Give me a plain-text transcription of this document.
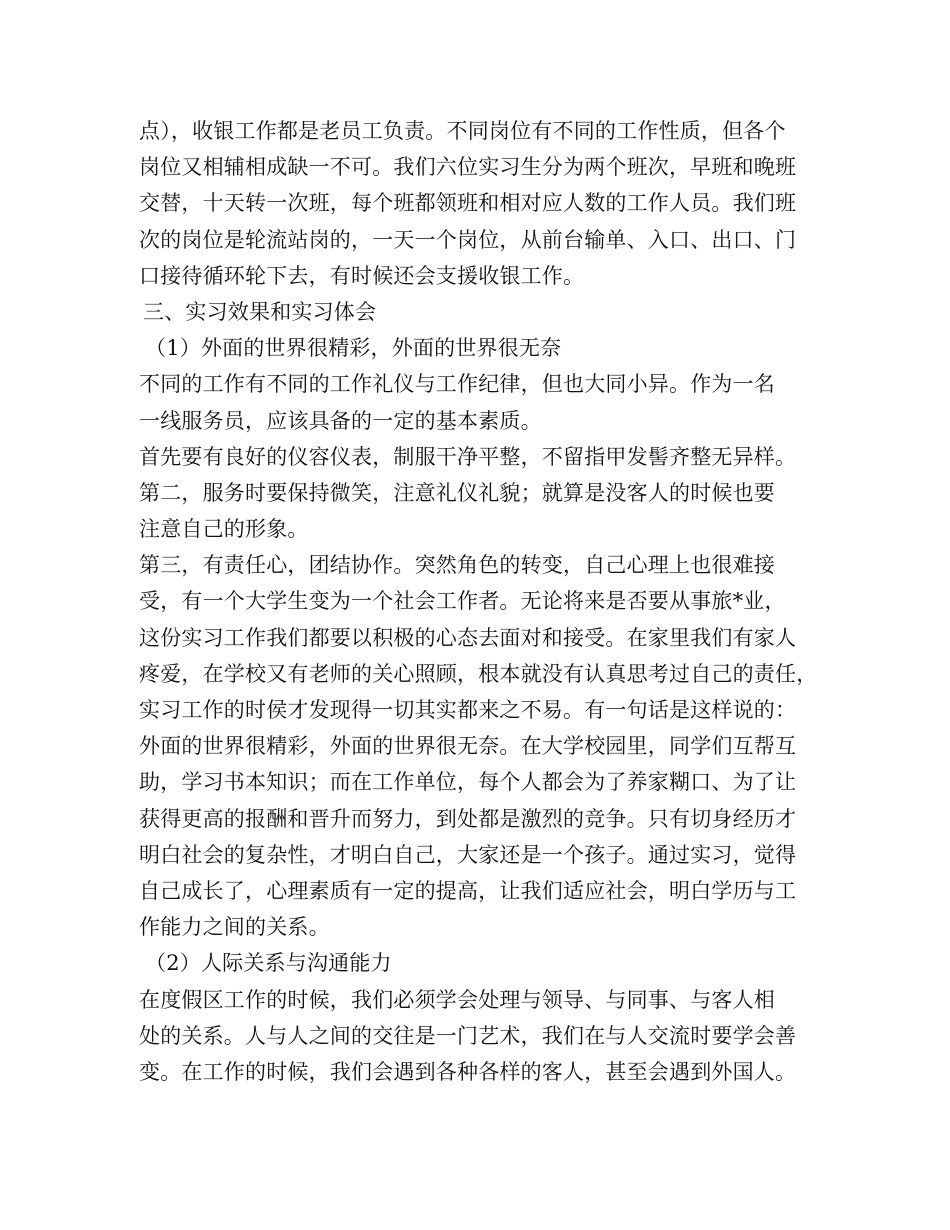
点），收银工作都是老员工负责。不同岗位有不同的工作性质，但各个
岗位又相辅相成缺一不可。我们六位实习生分为两个班次，早班和晚班
交替，十天转一次班，每个班都领班和相对应人数的工作人员。我们班
次的岗位是轮流站岗的，一天一个岗位，从前台输单、入口、出口、门
口接待循环轮下去，有时候还会支援收银工作。
三、实习效果和实习体会
（1）外面的世界很精彩，外面的世界很无奈
不同的工作有不同的工作礼仪与工作纪律，但也大同小异。作为一名
一线服务员，应该具备的一定的基本素质。
首先要有良好的仪容仪表，制服干净平整，不留指甲发髻齐整无异样。
第二，服务时要保持微笑，注意礼仪礼貌；就算是没客人的时候也要
注意自己的形象。
第三，有责任心，团结协作。突然角色的转变，自己心理上也很难接
受，有一个大学生变为一个社会工作者。无论将来是否要从事旅*业，
这份实习工作我们都要以积极的心态去面对和接受。在家里我们有家人
疼爱，在学校又有老师的关心照顾，根本就没有认真思考过自己的责任，
实习工作的时侯才发现得一切其实都来之不易。有一句话是这样说的：
外面的世界很精彩，外面的世界很无奈。在大学校园里，同学们互帮互
助，学习书本知识；而在工作单位，每个人都会为了养家糊口、为了让
获得更高的报酬和晋升而努力，到处都是激烈的竞争。只有切身经历才
明白社会的复杂性，才明白自己，大家还是一个孩子。通过实习，觉得
自己成长了，心理素质有一定的提高，让我们适应社会，明白学历与工
作能力之间的关系。
（2）人际关系与沟通能力
在度假区工作的时候，我们必须学会处理与领导、与同事、与客人相
处的关系。人与人之间的交往是一门艺术，我们在与人交流时要学会善
变。在工作的时候，我们会遇到各种各样的客人，甚至会遇到外国人。
